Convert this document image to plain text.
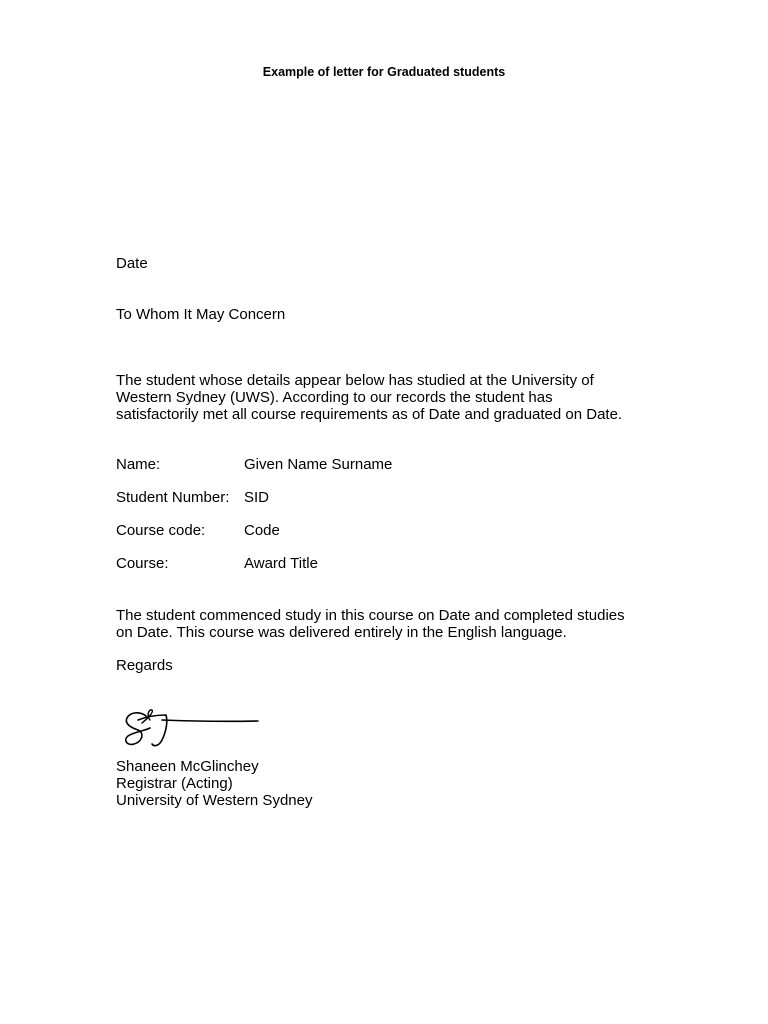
Example of letter for Graduated students
Date
To Whom It May Concern
The student whose details appear below has studied at the University of
Western Sydney (UWS). According to our records the student has
satisfactorily met all course requirements as of Date and graduated on Date.
Name:	Given Name Surname
Student Number: SID
Course code:	Code
Course:	Award Title
The student commenced study in this course on Date and completed studies
on Date. This course was delivered entirely in the English language.
Regards
Shaneen McGlinchey
Registrar (Acting)
University of Western Sydney
